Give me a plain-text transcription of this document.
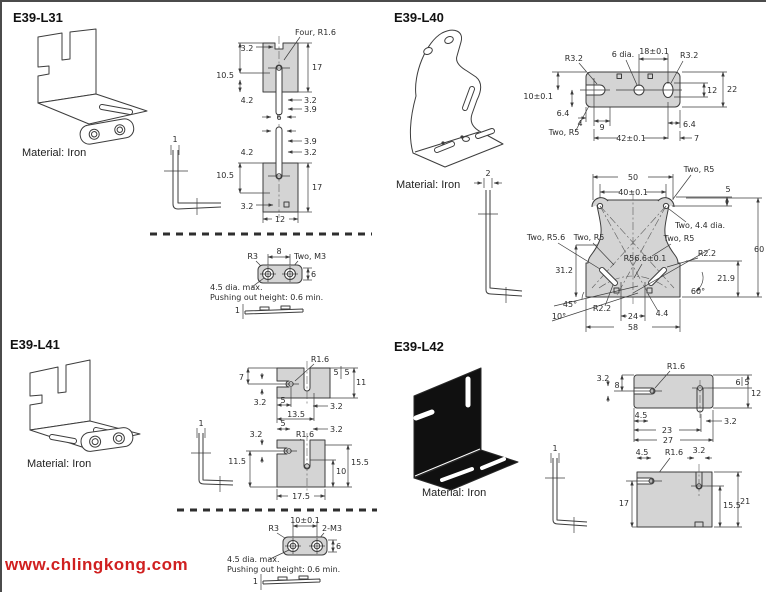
E39-L31
Material: Iron
1
Four, R1.6
3.2
10.5
17
4.2	3.2
3.9
6
3.9
3.2
4.2
10.5
17
3.2
12
R3
8
Two, M3
6
4.5 dia. max.
Pushing out height: 0.6 min.
1
E39-L40
Material: Iron
2
R3.2	6 dia. 18±0.1 R3.2
12 22
10±0.1
6.4
4 9	6.4
Two, R5
42±0.1	7
50
Two, R5
40±0.1	5
60
Two, 4.4 dia.
Two, R5.6 Two, R5	Two, R5
R56.6±0.1
R2.2
31.2
21.9
60°
45°
10°
R2.2
24 4.4
58
E39-L41
Material: Iron
www.chlingkong.com
1
R1.6
7
5 5
11
3.2 5
3.2
13.5
5
3.2
3.2	R1.6
11.5
10
15.5
17.5
R3
10±0.1
2-M3
6
4.5 dia. max.
Pushing out height: 0.6 min.
1
E39-L42
Material: Iron
1
3.2
8
R1.6
6 5
12
4.5
3.2
23
27
4.5 R1.6 3.2
17	15.5 21
